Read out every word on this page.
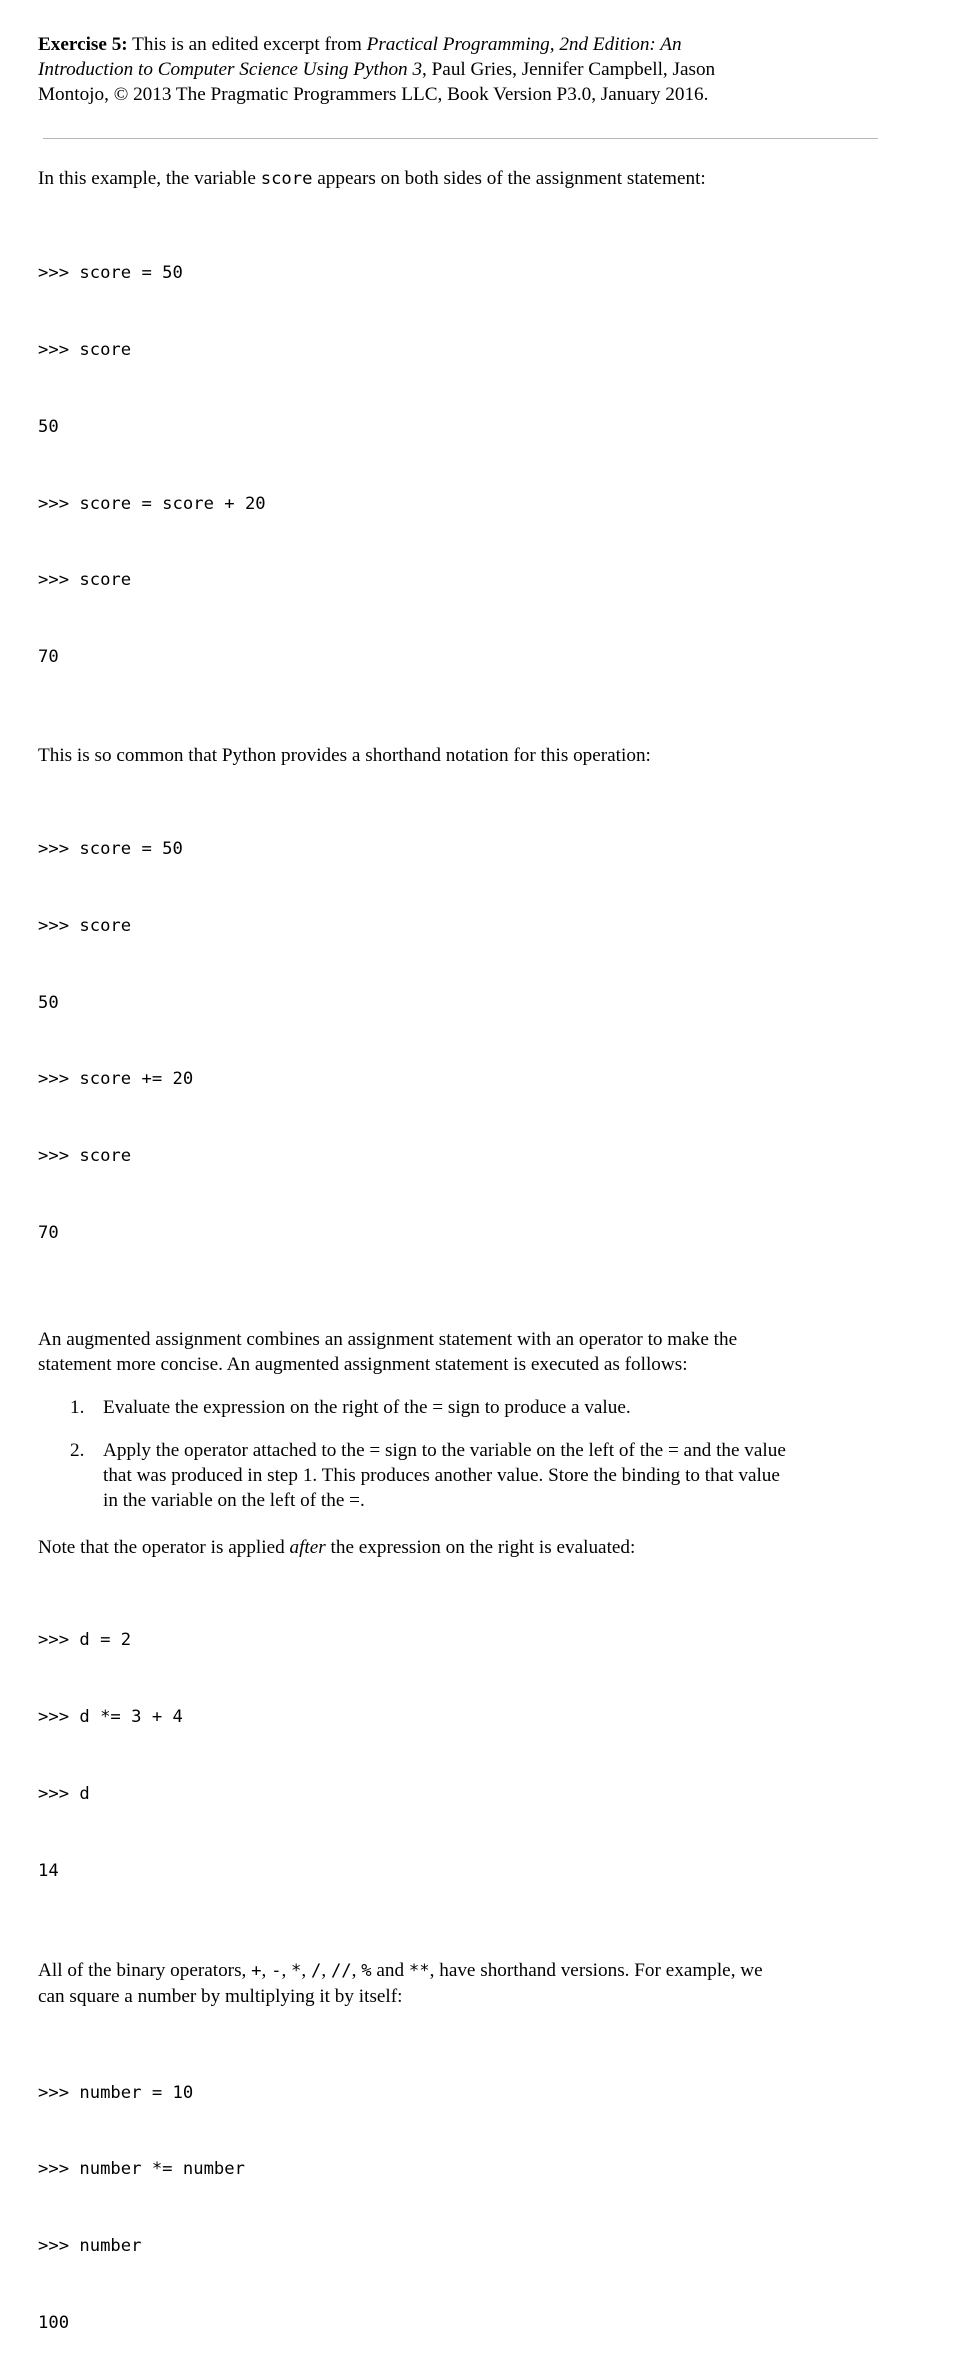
Exercise 5: This is an edited excerpt from Practical Programming, 2nd Edition: An
Introduction to Computer Science Using Python 3, Paul Gries, Jennifer Campbell, Jason

Montojo, © 2013 The Pragmatic Programmers LLC, Book Version P3.0, January 2016.

In this example, the variable score appears on both sides of the assignment statement:

>>> score = 50

>>> score

50

>>> score = score + 20

>>> score

70

This is so common that Python provides a shorthand notation for this operation:

>>> score = 50

>>> score

50

>>> score += 20

>>> score

70

An augmented assignment combines an assignment statement with an operator to make the

statement more concise. An augmented assignment statement is executed as follows:

1. Evaluate the expression on the right of the = sign to produce a value.
2. Apply the operator attached to the = sign to the variable on the left of the = and the value
that was produced in step 1. This produces another value. Store the binding to that value
in the variable on the left of the =.

Note that the operator is applied after the expression on the right is evaluated:

>>> d = 2

>>> d *= 3 + 4

>>> d

14

All of the binary operators, +, -, *, /, //, % and **, have shorthand versions. For example, we

can square a number by multiplying it by itself:

>>> number = 10

>>> number *= number

>>> number

100
